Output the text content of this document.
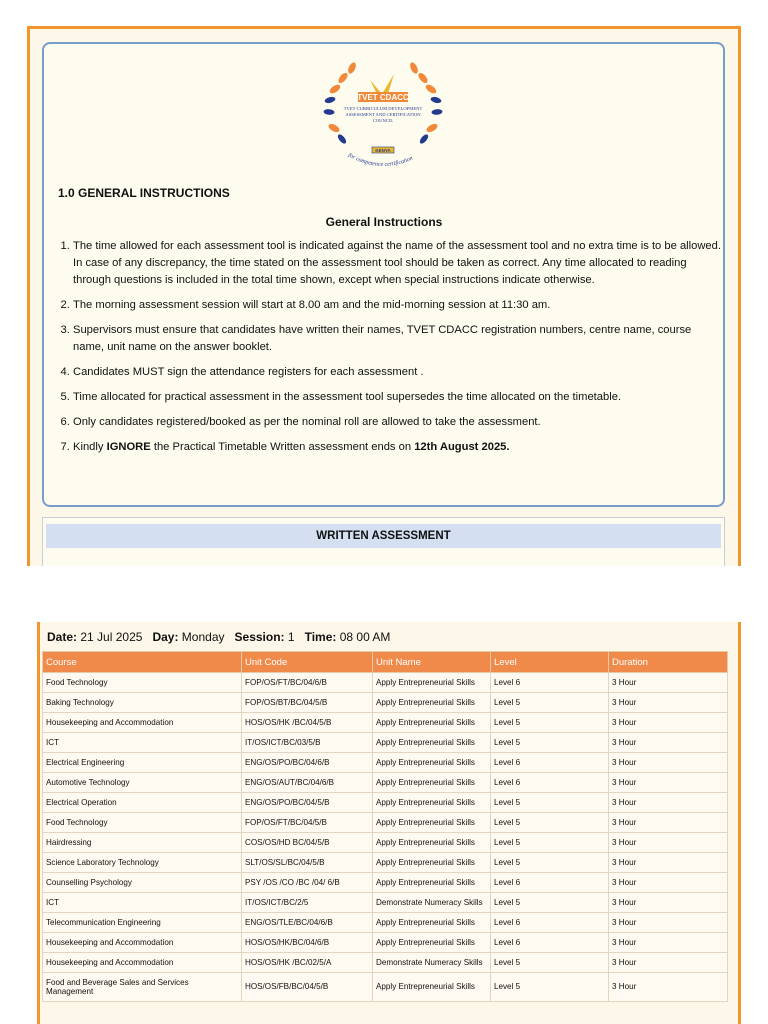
TVET CDACC
TVET CURRICULUM DEVELOPMENT
ASSESSMENT AND CERTIFICATION
COUNCIL
KENYA
for competence certification
1.0 GENERAL INSTRUCTIONS
General Instructions
1. The time allowed for each assessment tool is indicated against the name of the assessment tool and no extra time is to be allowed. In case of any discrepancy, the time stated on the assessment tool should be taken as correct. Any time allocated to reading through questions is included in the total time shown, except when special instructions indicate otherwise.
2. The morning assessment session will start at 8.00 am and the mid-morning session at 11:30 am.
3. Supervisors must ensure that candidates have written their names, TVET CDACC registration numbers, centre name, course name, unit name on the answer booklet.
4. Candidates MUST sign the attendance registers for each assessment .
5. Time allocated for practical assessment in the assessment tool supersedes the time allocated on the timetable.
6. Only candidates registered/booked as per the nominal roll are allowed to take the assessment.
7. Kindly IGNORE the Practical Timetable Written assessment ends on 12th August 2025.
WRITTEN ASSESSMENT
Date: 21 Jul 2025 Day: Monday Session: 1 Time: 08 00 AM
Course	Unit Code	Unit Name	Level	Duration
Food Technology	FOP/OS/FT/BC/04/6/B	Apply Entrepreneurial Skills	Level 6	3 Hour
Baking Technology	FOP/OS/BT/BC/04/5/B	Apply Entrepreneurial Skills	Level 5	3 Hour
Housekeeping and Accommodation	HOS/OS/HK /BC/04/5/B	Apply Entrepreneurial Skills	Level 5	3 Hour
ICT	IT/OS/ICT/BC/03/5/B	Apply Entrepreneurial Skills	Level 5	3 Hour
Electrical Engineering	ENG/OS/PO/BC/04/6/B	Apply Entrepreneurial Skills	Level 6	3 Hour
Automotive Technology	ENG/OS/AUT/BC/04/6/B	Apply Entrepreneurial Skills	Level 6	3 Hour
Electrical Operation	ENG/OS/PO/BC/04/5/B	Apply Entrepreneurial Skills	Level 5	3 Hour
Food Technology	FOP/OS/FT/BC/04/5/B	Apply Entrepreneurial Skills	Level 5	3 Hour
Hairdressing	COS/OS/HD BC/04/5/B	Apply Entrepreneurial Skills	Level 5	3 Hour
Science Laboratory Technology	SLT/OS/SL/BC/04/5/B	Apply Entrepreneurial Skills	Level 5	3 Hour
Counselling Psychology	PSY /OS /CO /BC /04/ 6/B	Apply Entrepreneurial Skills	Level 6	3 Hour
ICT	IT/OS/ICT/BC/2/5	Demonstrate Numeracy Skills	Level 5	3 Hour
Telecommunication Engineering	ENG/OS/TLE/BC/04/6/B	Apply Entrepreneurial Skills	Level 6	3 Hour
Housekeeping and Accommodation	HOS/OS/HK/BC/04/6/B	Apply Entrepreneurial Skills	Level 6	3 Hour
Housekeeping and Accommodation	HOS/OS/HK /BC/02/5/A	Demonstrate Numeracy Skills	Level 5	3 Hour
Food and Beverage Sales and Services Management	HOS/OS/FB/BC/04/5/B	Apply Entrepreneurial Skills	Level 5	3 Hour
